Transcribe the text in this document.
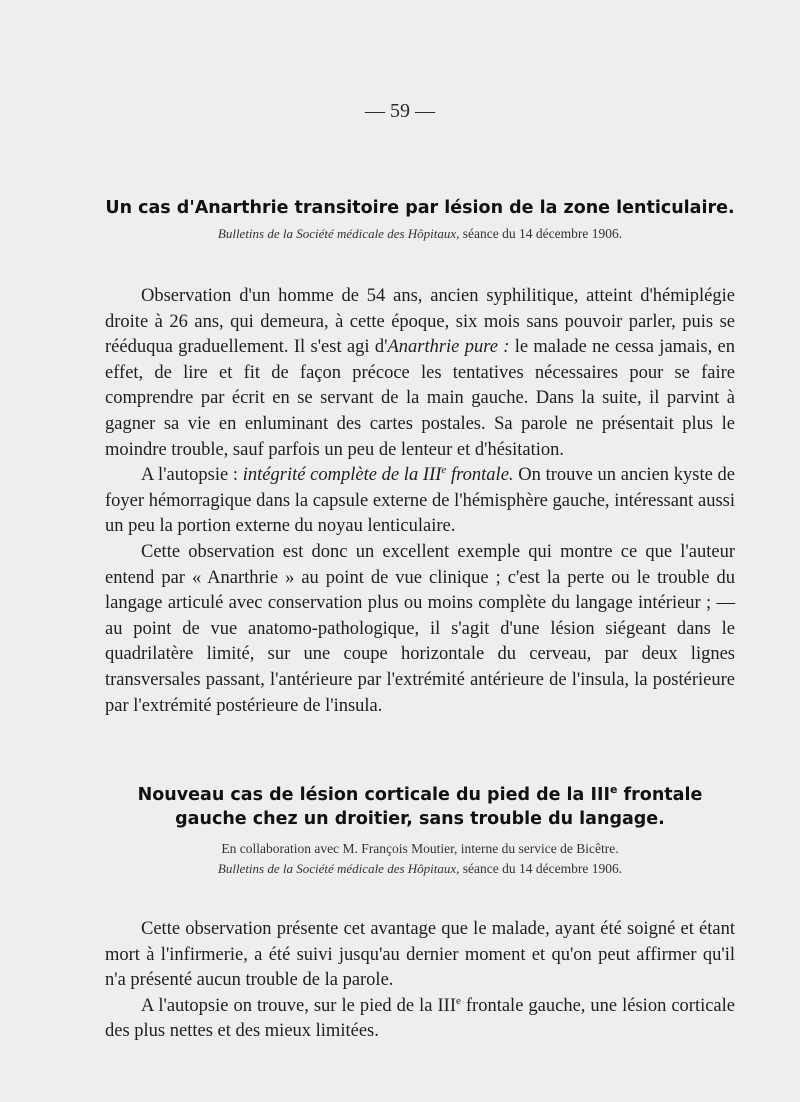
— 59 —
Un cas d'Anarthrie transitoire par lésion de la zone lenticulaire.

Bulletins de la Société médicale des Hôpitaux, séance du 14 décembre 1906.

Observation d'un homme de 54 ans, ancien syphilitique, atteint d'hémiplégie droite à 26 ans, qui demeura, à cette époque, six mois sans pouvoir parler, puis se rééduqua graduellement. Il s'est agi d'Anarthrie pure : le malade ne cessa jamais, en effet, de lire et fit de façon précoce les tentatives nécessaires pour se faire comprendre par écrit en se servant de la main gauche. Dans la suite, il parvint à gagner sa vie en enluminant des cartes postales. Sa parole ne présentait plus le moindre trouble, sauf parfois un peu de lenteur et d'hésitation.

A l'autopsie : intégrité complète de la IIIe frontale. On trouve un ancien kyste de foyer hémorragique dans la capsule externe de l'hémisphère gauche, intéressant aussi un peu la portion externe du noyau lenticulaire.

Cette observation est donc un excellent exemple qui montre ce que l'auteur entend par « Anarthrie » au point de vue clinique ; c'est la perte ou le trouble du langage articulé avec conservation plus ou moins complète du langage intérieur ; — au point de vue anatomo-pathologique, il s'agit d'une lésion siégeant dans le quadrilatère limité, sur une coupe horizontale du cerveau, par deux lignes transversales passant, l'antérieure par l'extrémité antérieure de l'insula, la postérieure par l'extrémité postérieure de l'insula.

Nouveau cas de lésion corticale du pied de la IIIe frontale gauche chez un droitier, sans trouble du langage.

En collaboration avec M. François Moutier, interne du service de Bicêtre.

Bulletins de la Société médicale des Hôpitaux, séance du 14 décembre 1906.

Cette observation présente cet avantage que le malade, ayant été soigné et étant mort à l'infirmerie, a été suivi jusqu'au dernier moment et qu'on peut affirmer qu'il n'a présenté aucun trouble de la parole.

A l'autopsie on trouve, sur le pied de la IIIe frontale gauche, une lésion corticale des plus nettes et des mieux limitées.
